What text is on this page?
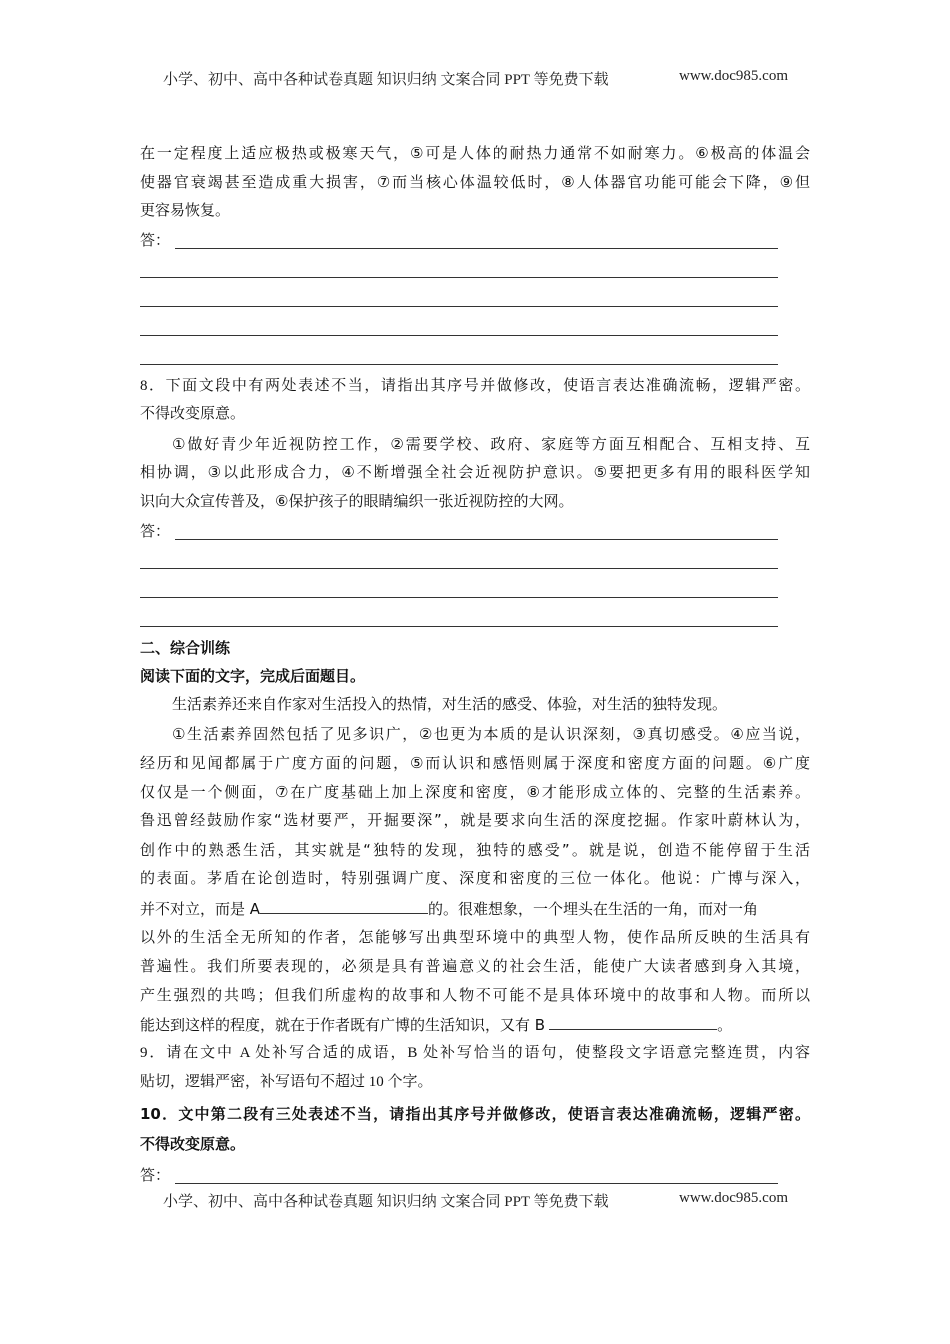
小学、初中、高中各种试卷真题 知识归纳 文案合同 PPT 等免费下载	www.doc985.com
在一定程度上适应极热或极寒天气，⑤可是人体的耐热力通常不如耐寒力。⑥极高的体温会
使器官衰竭甚至造成重大损害，⑦而当核心体温较低时，⑧人体器官功能可能会下降，⑨但
更容易恢复。
答：
8．下面文段中有两处表述不当，请指出其序号并做修改，使语言表达准确流畅，逻辑严密。
不得改变原意。
①做好青少年近视防控工作，②需要学校、政府、家庭等方面互相配合、互相支持、互
相协调，③以此形成合力，④不断增强全社会近视防护意识。⑤要把更多有用的眼科医学知
识向大众宣传普及，⑥保护孩子的眼睛编织一张近视防控的大网。
答：
二、综合训练
阅读下面的文字，完成后面题目。
生活素养还来自作家对生活投入的热情，对生活的感受、体验，对生活的独特发现。
①生活素养固然包括了见多识广，②也更为本质的是认识深刻，③真切感受。④应当说，
经历和见闻都属于广度方面的问题，⑤而认识和感悟则属于深度和密度方面的问题。⑥广度
仅仅是一个侧面，⑦在广度基础上加上深度和密度，⑧才能形成立体的、完整的生活素养。
鲁迅曾经鼓励作家“选材要严，开掘要深”，就是要求向生活的深度挖掘。作家叶蔚林认为，
创作中的熟悉生活，其实就是“独特的发现，独特的感受”。就是说，创造不能停留于生活
的表面。茅盾在论创造时，特别强调广度、深度和密度的三位一体化。他说：广博与深入，
并不对立，而是 A	的。很难想象，一个埋头在生活的一角，而对一角
以外的生活全无所知的作者，怎能够写出典型环境中的典型人物，使作品所反映的生活具有
普遍性。我们所要表现的，必须是具有普遍意义的社会生活，能使广大读者感到身入其境，
产生强烈的共鸣；但我们所虚构的故事和人物不可能不是具体环境中的故事和人物。而所以
能达到这样的程度，就在于作者既有广博的生活知识，又有 B	。
9．请在文中 A 处补写合适的成语，B 处补写恰当的语句，使整段文字语意完整连贯，内容
贴切，逻辑严密，补写语句不超过 10 个字。
10．文中第二段有三处表述不当，请指出其序号并做修改，使语言表达准确流畅，逻辑严密。
不得改变原意。
答：
小学、初中、高中各种试卷真题 知识归纳 文案合同 PPT 等免费下载	www.doc985.com
